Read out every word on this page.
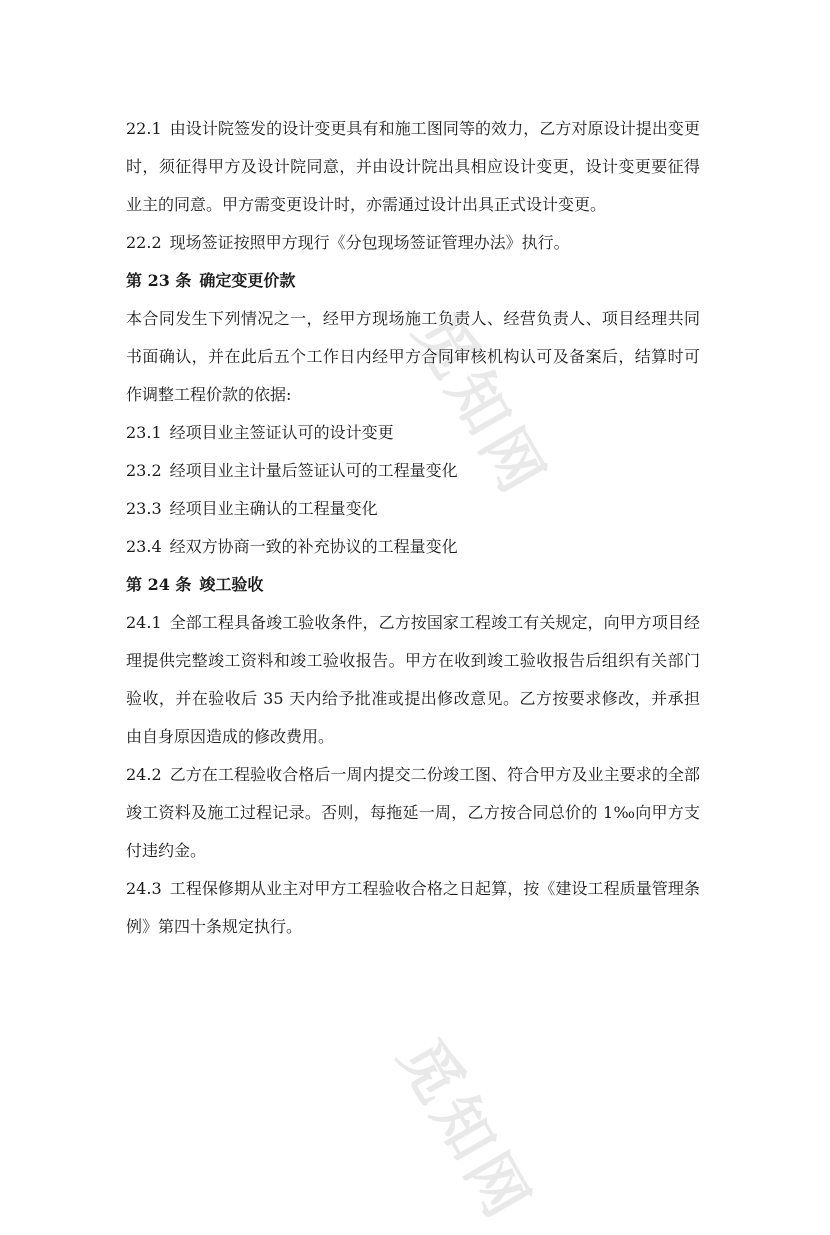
觅知网
觅知网

22.1 由设计院签发的设计变更具有和施工图同等的效力，乙方对原设计提出变更时，须征得甲方及设计院同意，并由设计院出具相应设计变更，设计变更要征得业主的同意。甲方需变更设计时，亦需通过设计出具正式设计变更。

22.2 现场签证按照甲方现行《分包现场签证管理办法》执行。

第 23 条 确定变更价款

本合同发生下列情况之一，经甲方现场施工负责人、经营负责人、项目经理共同书面确认，并在此后五个工作日内经甲方合同审核机构认可及备案后，结算时可作调整工程价款的依据:

23.1 经项目业主签证认可的设计变更

23.2 经项目业主计量后签证认可的工程量变化

23.3 经项目业主确认的工程量变化

23.4 经双方协商一致的补充协议的工程量变化

第 24 条 竣工验收

24.1 全部工程具备竣工验收条件，乙方按国家工程竣工有关规定，向甲方项目经理提供完整竣工资料和竣工验收报告。甲方在收到竣工验收报告后组织有关部门验收，并在验收后 35 天内给予批准或提出修改意见。乙方按要求修改，并承担由自身原因造成的修改费用。

24.2 乙方在工程验收合格后一周内提交二份竣工图、符合甲方及业主要求的全部竣工资料及施工过程记录。否则，每拖延一周，乙方按合同总价的 1‰向甲方支付违约金。

24.3 工程保修期从业主对甲方工程验收合格之日起算，按《建设工程质量管理条例》第四十条规定执行。
